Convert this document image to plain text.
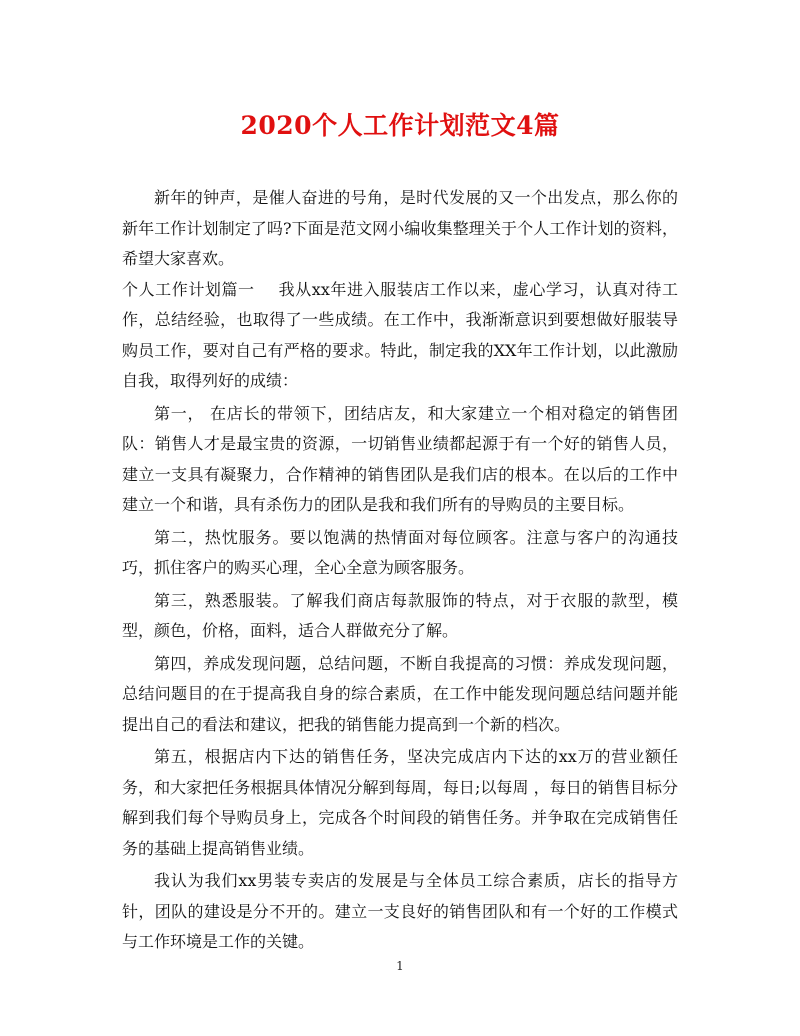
2020个人工作计划范文4篇

新年的钟声，是催人奋进的号角，是时代发展的又一个出发点，那么你的新年工作计划制定了吗?下面是范文网小编收集整理关于个人工作计划的资料，希望大家喜欢。

个人工作计划篇一 我从xx年进入服装店工作以来，虚心学习，认真对待工作，总结经验，也取得了一些成绩。在工作中，我渐渐意识到要想做好服装导购员工作，要对自己有严格的要求。特此，制定我的XX年工作计划，以此激励自我，取得列好的成绩：

第一， 在店长的带领下，团结店友，和大家建立一个相对稳定的销售团队：销售人才是最宝贵的资源，一切销售业绩都起源于有一个好的销售人员，建立一支具有凝聚力，合作精神的销售团队是我们店的根本。在以后的工作中建立一个和谐，具有杀伤力的团队是我和我们所有的导购员的主要目标。

第二，热忱服务。要以饱满的热情面对每位顾客。注意与客户的沟通技巧，抓住客户的购买心理，全心全意为顾客服务。

第三，熟悉服装。了解我们商店每款服饰的特点，对于衣服的款型，模型，颜色，价格，面料，适合人群做充分了解。

第四，养成发现问题，总结问题，不断自我提高的习惯：养成发现问题，总结问题目的在于提高我自身的综合素质，在工作中能发现问题总结问题并能提出自己的看法和建议，把我的销售能力提高到一个新的档次。

第五，根据店内下达的销售任务，坚决完成店内下达的xx万的营业额任务，和大家把任务根据具体情况分解到每周，每日;以每周 ，每日的销售目标分解到我们每个导购员身上，完成各个时间段的销售任务。并争取在完成销售任务的基础上提高销售业绩。

我认为我们xx男装专卖店的发展是与全体员工综合素质，店长的指导方针，团队的建设是分不开的。建立一支良好的销售团队和有一个好的工作模式与工作环境是工作的关键。

1
